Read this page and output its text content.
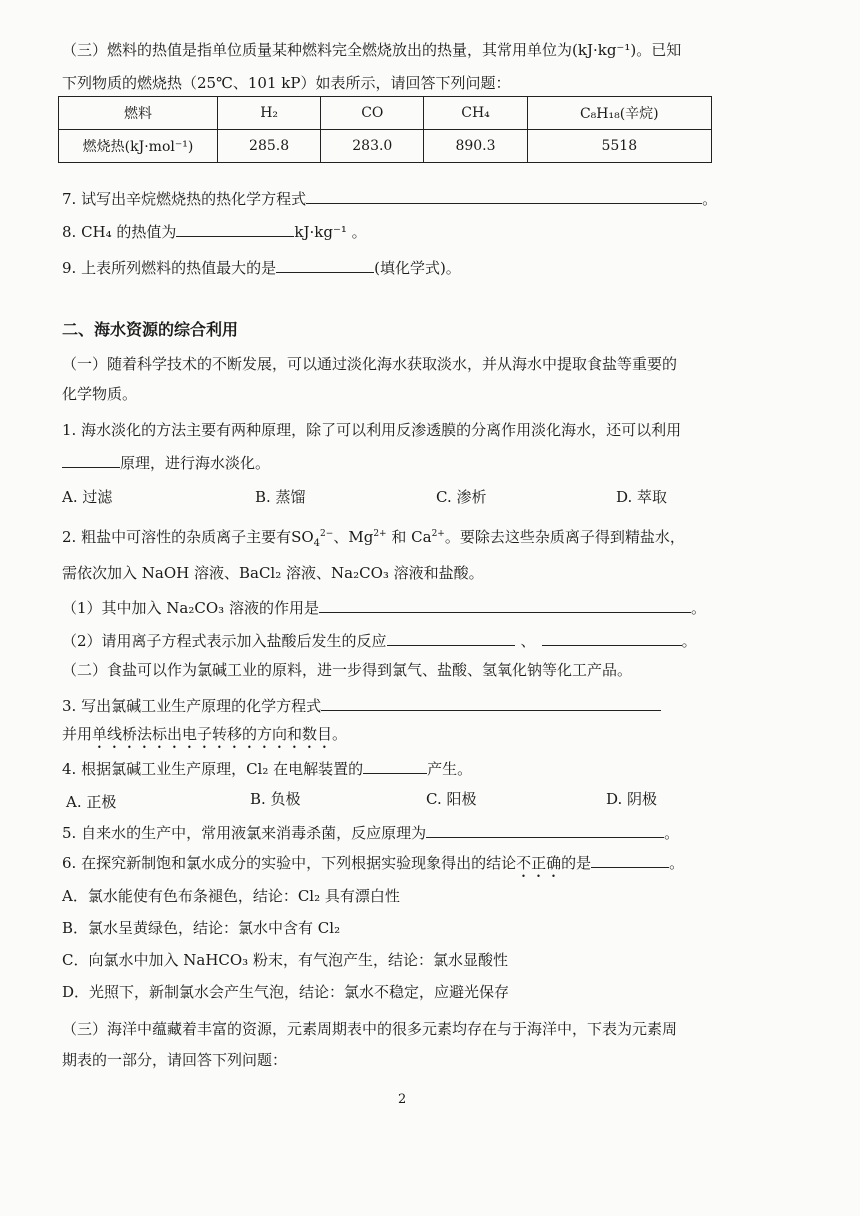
（三）燃料的热值是指单位质量某种燃料完全燃烧放出的热量，其常用单位为(kJ·kg⁻¹)。已知
下列物质的燃烧热（25℃、101 kP）如表所示，请回答下列问题：
燃料	H₂	CO	CH₄	C₈H₁₈(辛烷)
燃烧热(kJ·mol⁻¹)	285.8	283.0	890.3	5518
7. 试写出辛烷燃烧热的热化学方程式	。
8. CH₄ 的热值为	kJ·kg⁻¹ 。
9. 上表所列燃料的热值最大的是	(填化学式)。
二、海水资源的综合利用
（一）随着科学技术的不断发展，可以通过淡化海水获取淡水，并从海水中提取食盐等重要的
化学物质。
1. 海水淡化的方法主要有两种原理，除了可以利用反渗透膜的分离作用淡化海水，还可以利用
原理，进行海水淡化。
A. 过滤	B. 蒸馏	C. 渗析	D. 萃取
2. 粗盐中可溶性的杂质离子主要有$SO_4^{2-}$、$Mg^{2+}$ 和 $Ca^{2+}$。要除去这些杂质离子得到精盐水，
需依次加入 NaOH 溶液、BaCl₂ 溶液、Na₂CO₃ 溶液和盐酸。
（1）其中加入 Na₂CO₃ 溶液的作用是	。
（2）请用离子方程式表示加入盐酸后发生的反应	、	。
（二）食盐可以作为氯碱工业的原料，进一步得到氯气、盐酸、氢氧化钠等化工产品。
3. 写出氯碱工业生产原理的化学方程式
并用单线桥法标出电子转移的方向和数目。
4. 根据氯碱工业生产原理，Cl₂ 在电解装置的	产生。
A. 正极	B. 负极	C. 阳极	D. 阴极
5. 自来水的生产中，常用液氯来消毒杀菌，反应原理为	。
6. 在探究新制饱和氯水成分的实验中，下列根据实验现象得出的结论不正确的是	。
A．氯水能使有色布条褪色，结论：Cl₂ 具有漂白性
B．氯水呈黄绿色，结论：氯水中含有 Cl₂
C．向氯水中加入 NaHCO₃ 粉末，有气泡产生，结论：氯水显酸性
D．光照下，新制氯水会产生气泡，结论：氯水不稳定，应避光保存
（三）海洋中蕴藏着丰富的资源，元素周期表中的很多元素均存在与于海洋中，下表为元素周
期表的一部分，请回答下列问题：
2
